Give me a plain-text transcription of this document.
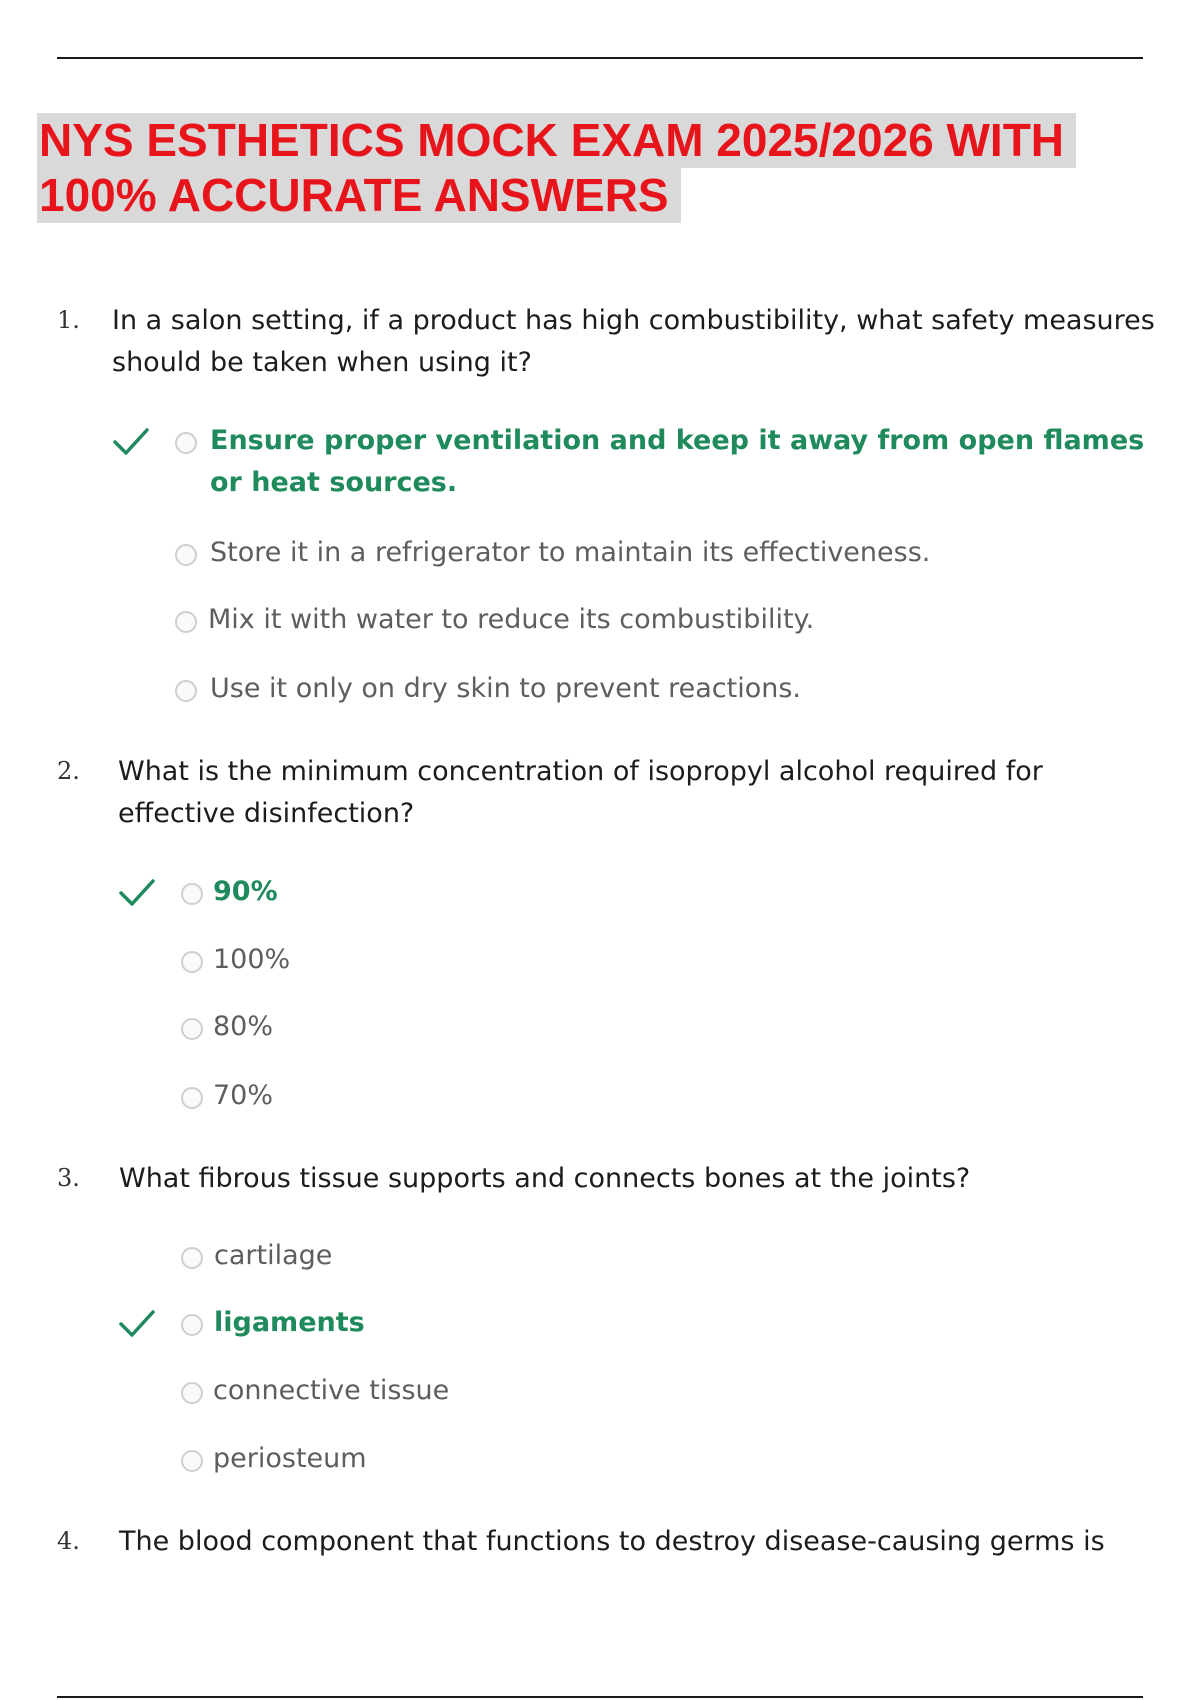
NYS ESTHETICS MOCK EXAM 2025/2026 WITH
100% ACCURATE ANSWERS
1. In a salon setting, if a product has high combustibility, what safety measures should be taken when using it?
Ensure proper ventilation and keep it away from open flames or heat sources.
Store it in a refrigerator to maintain its effectiveness.
Mix it with water to reduce its combustibility.
Use it only on dry skin to prevent reactions.
2. What is the minimum concentration of isopropyl alcohol required for effective disinfection?
90%
100%
80%
70%
3. What fibrous tissue supports and connects bones at the joints?
cartilage
ligaments
connective tissue
periosteum
4. The blood component that functions to destroy disease-causing germs is
